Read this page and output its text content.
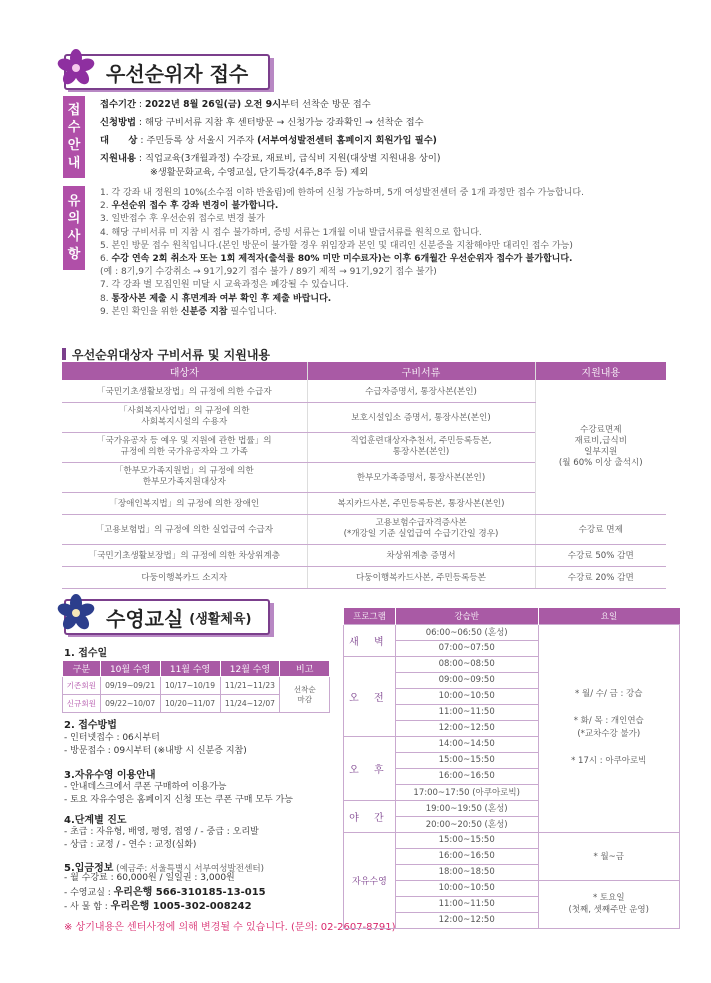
우선순위자 접수
접
수
안
내
유
의
사
항
접수기간 : 2022년 8월 26일(금) 오전 9시부터 선착순 방문 접수
신청방법 : 해당 구비서류 지참 후 센터방문 → 신청가능 강좌확인 → 선착순 접수
대      상 : 주민등록 상 서울시 거주자 (서부여성발전센터 홈페이지 회원가입 필수)
지원내용 : 직업교육(3개월과정) 수강료, 재료비, 급식비 지원(대상별 지원내용 상이)
※생활문화교육, 수영교실, 단기특강(4주,8주 등) 제외
1. 각 강좌 내 정원의 10%(소수점 이하 반올림)에 한하여 신청 가능하며, 5개 여성발전센터 중 1개 과정만 접수 가능합니다.
2. 우선순위 접수 후 강좌 변경이 불가합니다.
3. 일반접수 후 우선순위 접수로 변경 불가
4. 해당 구비서류 미 지참 시 접수 불가하며, 증빙 서류는 1개월 이내 발급서류를 원칙으로 합니다.
5. 본인 방문 접수 원칙입니다.(본인 방문이 불가할 경우 위임장과 본인 및 대리인 신분증을 지참해야만 대리인 접수 가능)
6. 수강 연속 2회 취소자 또는 1회 제적자(출석률 80% 미만 미수료자)는 이후 6개월간 우선순위자 접수가 불가합니다.
(예 : 8기,9기 수강취소 → 91기,92기 접수 불가 / 89기 제적 → 91기,92기 접수 불가)
7. 각 강좌 별 모집인원 미달 시 교육과정은 폐강될 수 있습니다.
8. 통장사본 제출 시 휴면계좌 여부 확인 후 제출 바랍니다.
9. 본인 확인을 위한 신분증 지참 필수입니다.
우선순위대상자 구비서류 및 지원내용
대상자	구비서류	지원내용
「국민기초생활보장법」의 규정에 의한 수급자	수급자증명서, 통장사본(본인)	수강료면제
재료비,급식비
일부지원
(월 60% 이상 출석시)
「사회복지사업법」의 규정에 의한
사회복지시설의 수용자	보호시설입소 증명서, 통장사본(본인)	
「국가유공자 등 예우 및 지원에 관한 법률」의
규정에 의한 국가유공자와 그 가족	직업훈련대상자추천서, 주민등록등본,
통장사본(본인)	
「한부모가족지원법」의 규정에 의한
한부모가족지원대상자	한부모가족증명서, 통장사본(본인)	
「장애인복지법」의 규정에 의한 장애인	복지카드사본, 주민등록등본, 통장사본(본인)	
「고용보험법」의 규정에 의한 실업급여 수급자	고용보험수급자격증사본
(*개강일 기준 실업급여 수급기간일 경우)	수강료 면제
「국민기초생활보장법」의 규정에 의한 차상위계층	차상위계층 증명서	수강료 50% 감면
다둥이행복카드 소지자	다둥이행복카드사본, 주민등록등본	수강료 20% 감면
수영교실 (생활체육)
1. 접수일
구분	10월 수영	11월 수영	12월 수영	비고
기존회원	09/19~09/21	10/17~10/19	11/21~11/23	선착순
마감
신규회원	09/22~10/07	10/20~11/07	11/24~12/07	
2. 접수방법
- 인터넷접수 : 06시부터
- 방문접수 : 09시부터 (※내방 시 신분증 지참)
3.자유수영 이용안내
- 안내데스크에서 쿠폰 구매하여 이용가능
- 토요 자유수영은 홈페이지 신청 또는 쿠폰 구매 모두 가능
4.단계별 진도
- 초급 : 자유형, 배영, 평영, 접영 / - 중급 : 오리발
- 상급 : 교정 / - 연수 : 교정(심화)
5.입금정보 (예금주: 서울특별시 서부여성발전센터)
- 월 수강료 : 60,000원 / 일일권 : 3,000원
- 수영교실 : 우리은행 566-310185-13-015
- 사 물 함 : 우리은행 1005-302-008242
※ 상기내용은 센터사정에 의해 변경될 수 있습니다. (문의: 02-2607-8791)
프로그램	강습반	요일
새 벽	06:00~06:50 (혼성)	* 월/ 수/ 금 : 강습
* 화/ 목 : 개인연습
(*교차수강 불가)
* 17시 : 아쿠아로빅

	07:00~07:50	
오 전	08:00~08:50	
	09:00~09:50	
	10:00~10:50	
	11:00~11:50	
	12:00~12:50	
오 후	14:00~14:50	
	15:00~15:50	
	16:00~16:50	
	17:00~17:50 (아쿠아로빅)	
야 간	19:00~19:50 (혼성)	
	20:00~20:50 (혼성)	
자유수영	15:00~15:50	* 월~금
	16:00~16:50	
	18:00~18:50	
	10:00~10:50	* 토요일
(첫째, 셋째주만 운영)

	11:00~11:50	
	12:00~12:50	
